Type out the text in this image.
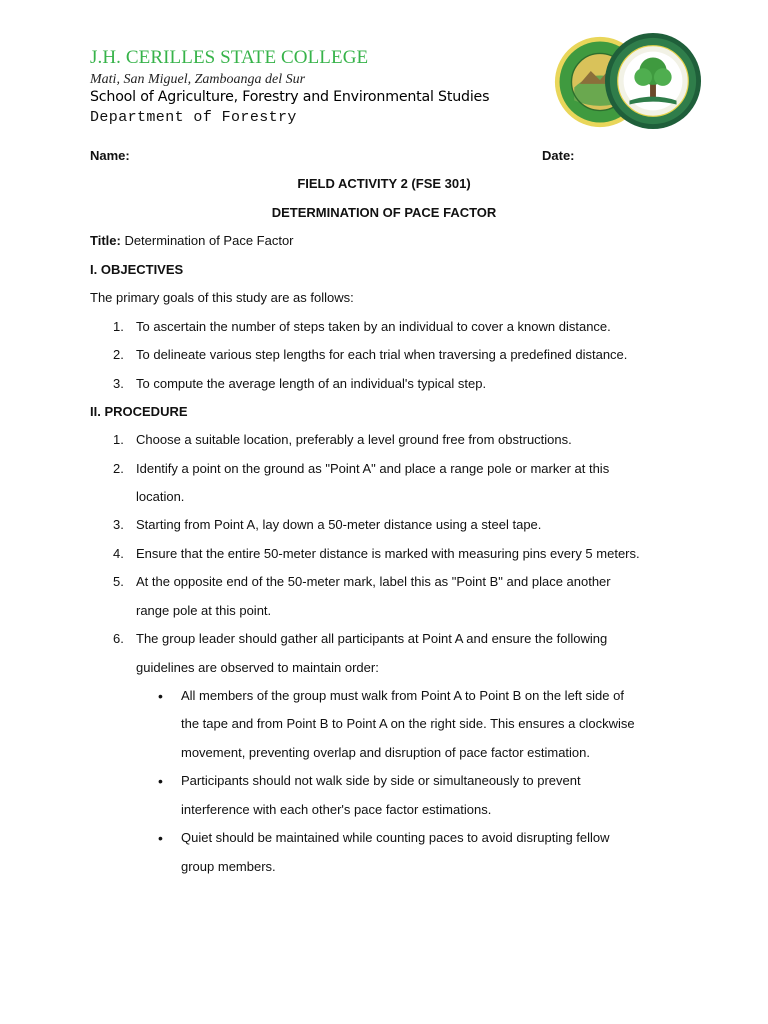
J.H. CERILLES STATE COLLEGE
Mati, San Miguel, Zamboanga del Sur
School of Agriculture, Forestry and Environmental Studies
Department of Forestry
Name:	Date:
FIELD ACTIVITY 2 (FSE 301)
DETERMINATION OF PACE FACTOR
Title: Determination of Pace Factor
I. OBJECTIVES
The primary goals of this study are as follows:
1. To ascertain the number of steps taken by an individual to cover a known distance.
2. To delineate various step lengths for each trial when traversing a predefined distance.
3. To compute the average length of an individual's typical step.
II. PROCEDURE
1. Choose a suitable location, preferably a level ground free from obstructions.
2. Identify a point on the ground as "Point A" and place a range pole or marker at this
location.
3. Starting from Point A, lay down a 50-meter distance using a steel tape.
4. Ensure that the entire 50-meter distance is marked with measuring pins every 5 meters.
5. At the opposite end of the 50-meter mark, label this as "Point B" and place another
range pole at this point.
6. The group leader should gather all participants at Point A and ensure the following
guidelines are observed to maintain order:
• All members of the group must walk from Point A to Point B on the left side of
the tape and from Point B to Point A on the right side. This ensures a clockwise
movement, preventing overlap and disruption of pace factor estimation.
• Participants should not walk side by side or simultaneously to prevent
interference with each other's pace factor estimations.
• Quiet should be maintained while counting paces to avoid disrupting fellow
group members.
